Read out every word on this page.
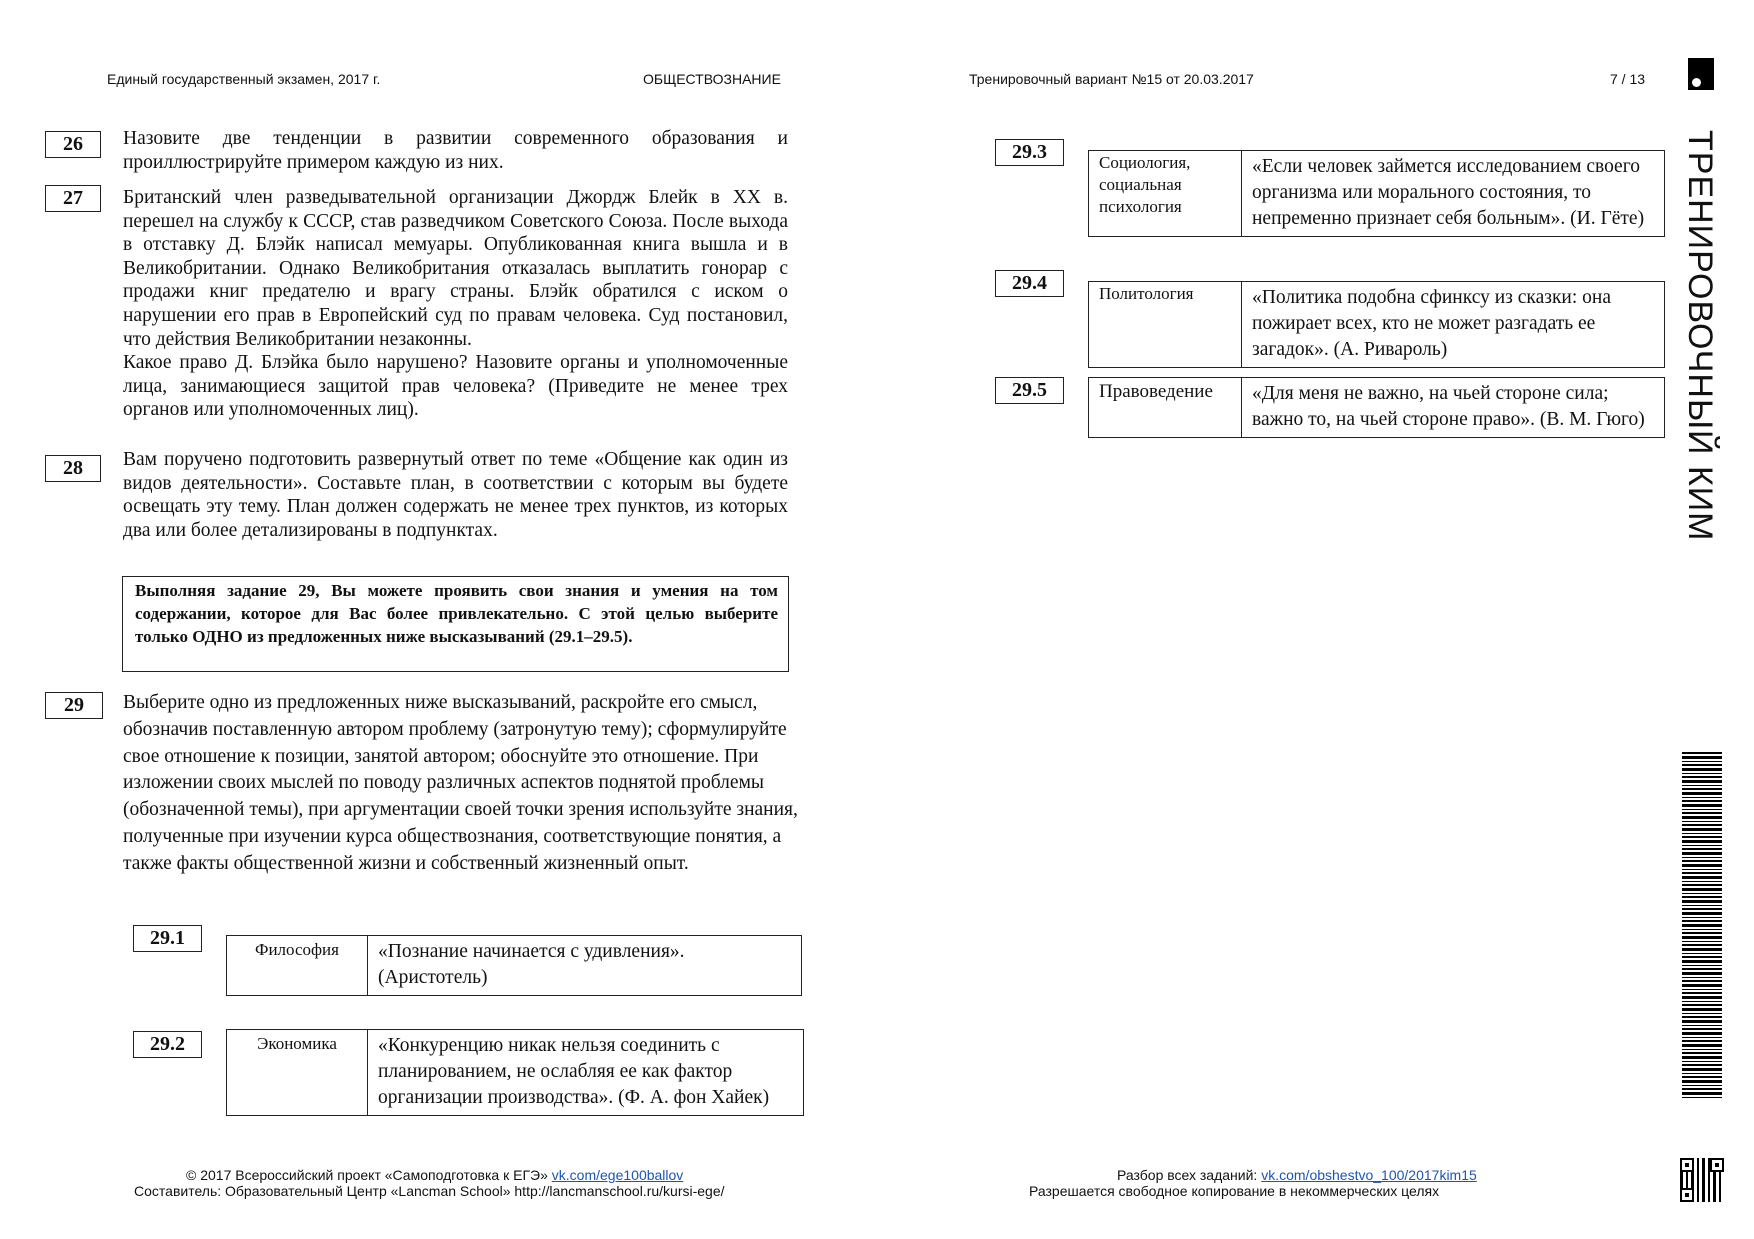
Единый государственный экзамен, 2017 г.	ОБЩЕСТВОЗНАНИЕ	Тренировочный вариант №15 от 20.03.2017	7 / 13
ТРЕНИРОВОЧНЫЙ КИМ
26	Назовите две тенденции в развитии современного образования и проиллюстрируйте примером каждую из них.

27	Британский член разведывательной организации Джордж Блейк в XX в. перешел на службу к СССР, став разведчиком Советского Союза. После выхода в отставку Д. Блэйк написал мемуары. Опубликованная книга вышла и в Великобритании. Однако Великобритания отказалась выплатить гонорар с продажи книг предателю и врагу страны. Блэйк обратился с иском о нарушении его прав в Европейский суд по правам человека. Суд постановил, что действия Великобритании незаконны.

Какое право Д. Блэйка было нарушено? Назовите органы и уполномоченные лица, занимающиеся защитой прав человека? (Приведите не менее трех органов или уполномоченных лиц).

28	Вам поручено подготовить развернутый ответ по теме «Общение как один из видов деятельности». Составьте план, в соответствии с которым вы будете освещать эту тему. План должен содержать не менее трех пунктов, из которых два или более детализированы в подпунктах.

Выполняя задание 29, Вы можете проявить свои знания и умения на том содержании, которое для Вас более привлекательно. С этой целью выберите только ОДНО из предложенных ниже высказываний (29.1–29.5).
29	Выберите одно из предложенных ниже высказываний, раскройте его смысл, обозначив поставленную автором проблему (затронутую тему); сформулируйте свое отношение к позиции, занятой автором; обоснуйте это отношение. При изложении своих мыслей по поводу различных аспектов поднятой проблемы (обозначенной темы), при аргументации своей точки зрения используйте знания, полученные при изучении курса обществознания, соответствующие понятия, а также факты общественной жизни и собственный жизненный опыт.
29.1
Философия	«Познание начинается с удивления». (Аристотель)
29.2	Экономика	«Конкуренцию никак нельзя соединить с планированием, не ослабляя ее как фактор организации производства». (Ф. А. фон Хайек)
29.3	Социология, социальная психология	«Если человек займется исследованием своего организма или морального состояния, то непременно признает себя больным». (И. Гёте)
29.4	Политология	«Политика подобна сфинксу из сказки: она пожирает всех, кто не может разгадать ее загадок». (А. Ривароль)
29.5	Правоведение	«Для меня не важно, на чьей стороне сила; важно то, на чьей стороне право». (В. М. Гюго)
© 2017 Всероссийский проект «Самоподготовка к ЕГЭ» vk.com/ege100ballov
Составитель: Образовательный Центр «Lancman School» http://lancmanschool.ru/kursi-ege/
Разбор всех заданий: vk.com/obshestvo_100/2017kim15
Разрешается свободное копирование в некоммерческих целях
